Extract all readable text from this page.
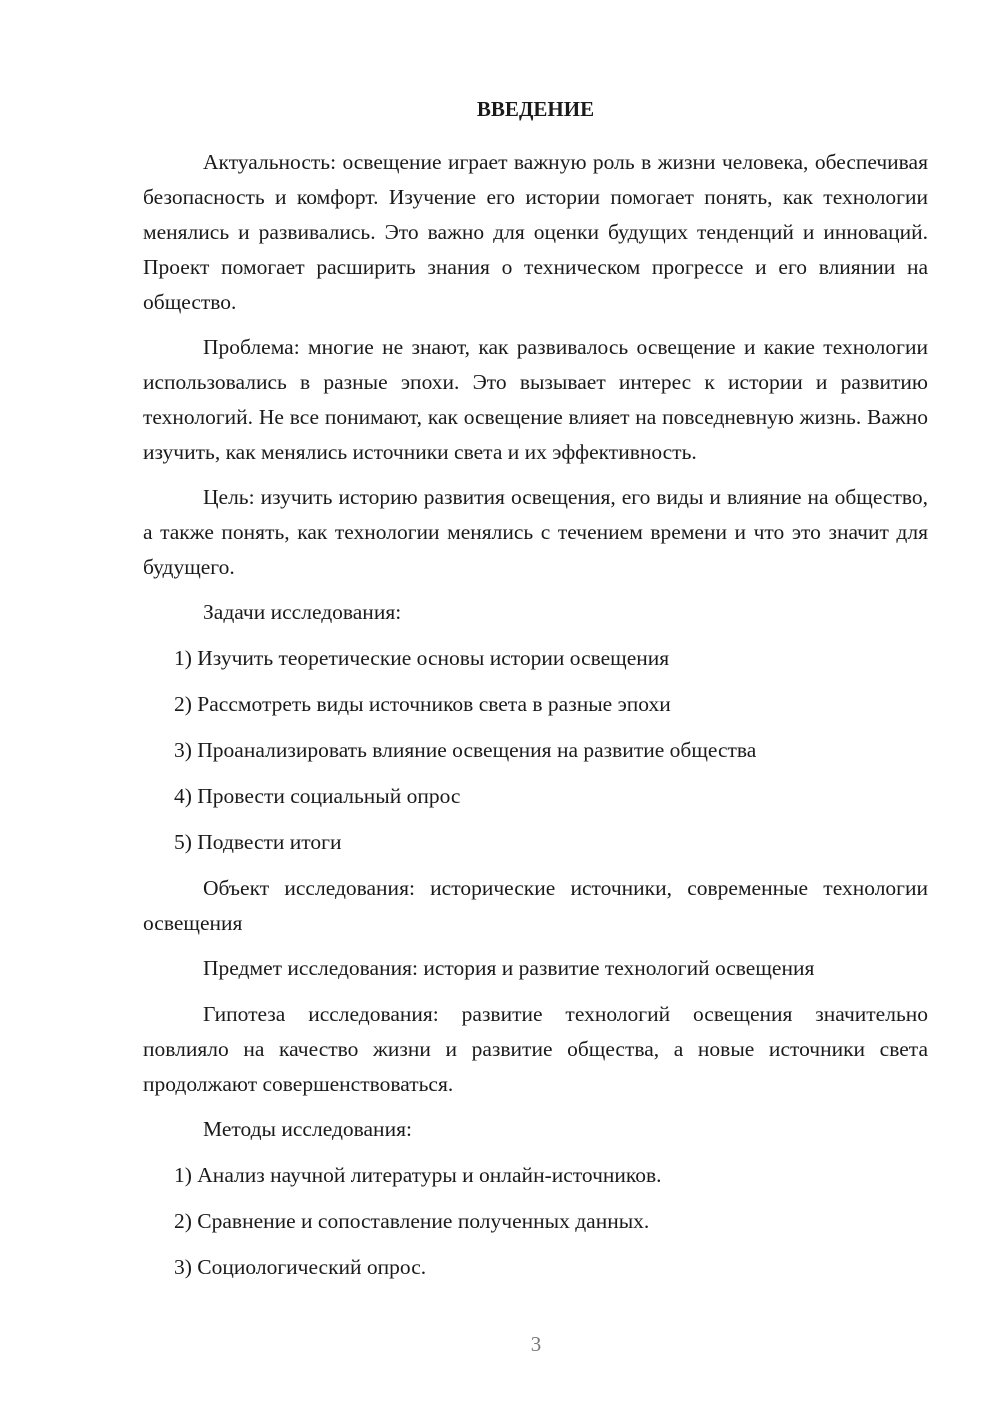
ВВЕДЕНИЕ

Актуальность: освещение играет важную роль в жизни человека, обеспечивая безопасность и комфорт. Изучение его истории помогает понять, как технологии менялись и развивались. Это важно для оценки будущих тенденций и инноваций. Проект помогает расширить знания о техническом прогрессе и его влиянии на общество.

Проблема: многие не знают, как развивалось освещение и какие технологии использовались в разные эпохи. Это вызывает интерес к истории и развитию технологий. Не все понимают, как освещение влияет на повседневную жизнь. Важно изучить, как менялись источники света и их эффективность.

Цель: изучить историю развития освещения, его виды и влияние на общество, а также понять, как технологии менялись с течением времени и что это значит для будущего.

Задачи исследования:

1) Изучить теоретические основы истории освещения

2) Рассмотреть виды источников света в разные эпохи

3) Проанализировать влияние освещения на развитие общества

4) Провести социальный опрос

5) Подвести итоги

Объект исследования: исторические источники, современные технологии освещения

Предмет исследования: история и развитие технологий освещения

Гипотеза исследования: развитие технологий освещения значительно повлияло на качество жизни и развитие общества, а новые источники света продолжают совершенствоваться.

Методы исследования:

1) Анализ научной литературы и онлайн-источников.

2) Сравнение и сопоставление полученных данных.

3) Социологический опрос.

3
